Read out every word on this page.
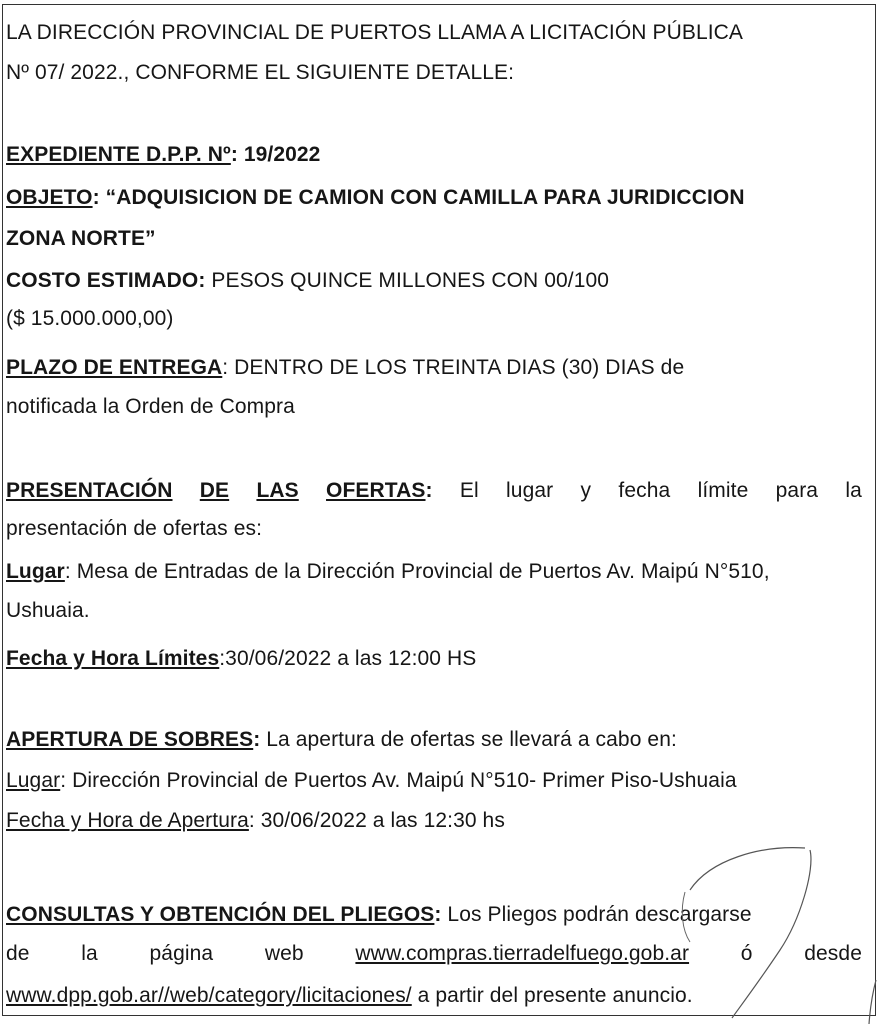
LA DIRECCIÓN PROVINCIAL DE PUERTOS LLAMA A LICITACIÓN PÚBLICA
Nº 07/ 2022., CONFORME EL SIGUIENTE DETALLE:
EXPEDIENTE D.P.P. Nº: 19/2022
OBJETO: “ADQUISICION DE CAMION CON CAMILLA PARA JURIDICCION
ZONA NORTE”
COSTO ESTIMADO: PESOS QUINCE MILLONES CON 00/100
($ 15.000.000,00)
PLAZO DE ENTREGA: DENTRO DE LOS TREINTA DIAS (30) DIAS de
notificada la Orden de Compra
PRESENTACIÓN DE LAS OFERTAS: El lugar y fecha límite para la
presentación de ofertas es:
Lugar: Mesa de Entradas de la Dirección Provincial de Puertos Av. Maipú N°510,
Ushuaia.
Fecha y Hora Límites:30/06/2022 a las 12:00 HS
APERTURA DE SOBRES: La apertura de ofertas se llevará a cabo en:
Lugar: Dirección Provincial de Puertos Av. Maipú N°510- Primer Piso-Ushuaia
Fecha y Hora de Apertura: 30/06/2022 a las 12:30 hs
CONSULTAS Y OBTENCIÓN DEL PLIEGOS: Los Pliegos podrán descargarse
de la página web www.compras.tierradelfuego.gob.ar ó desde
www.dpp.gob.ar//web/category/licitaciones/ a partir del presente anuncio.
